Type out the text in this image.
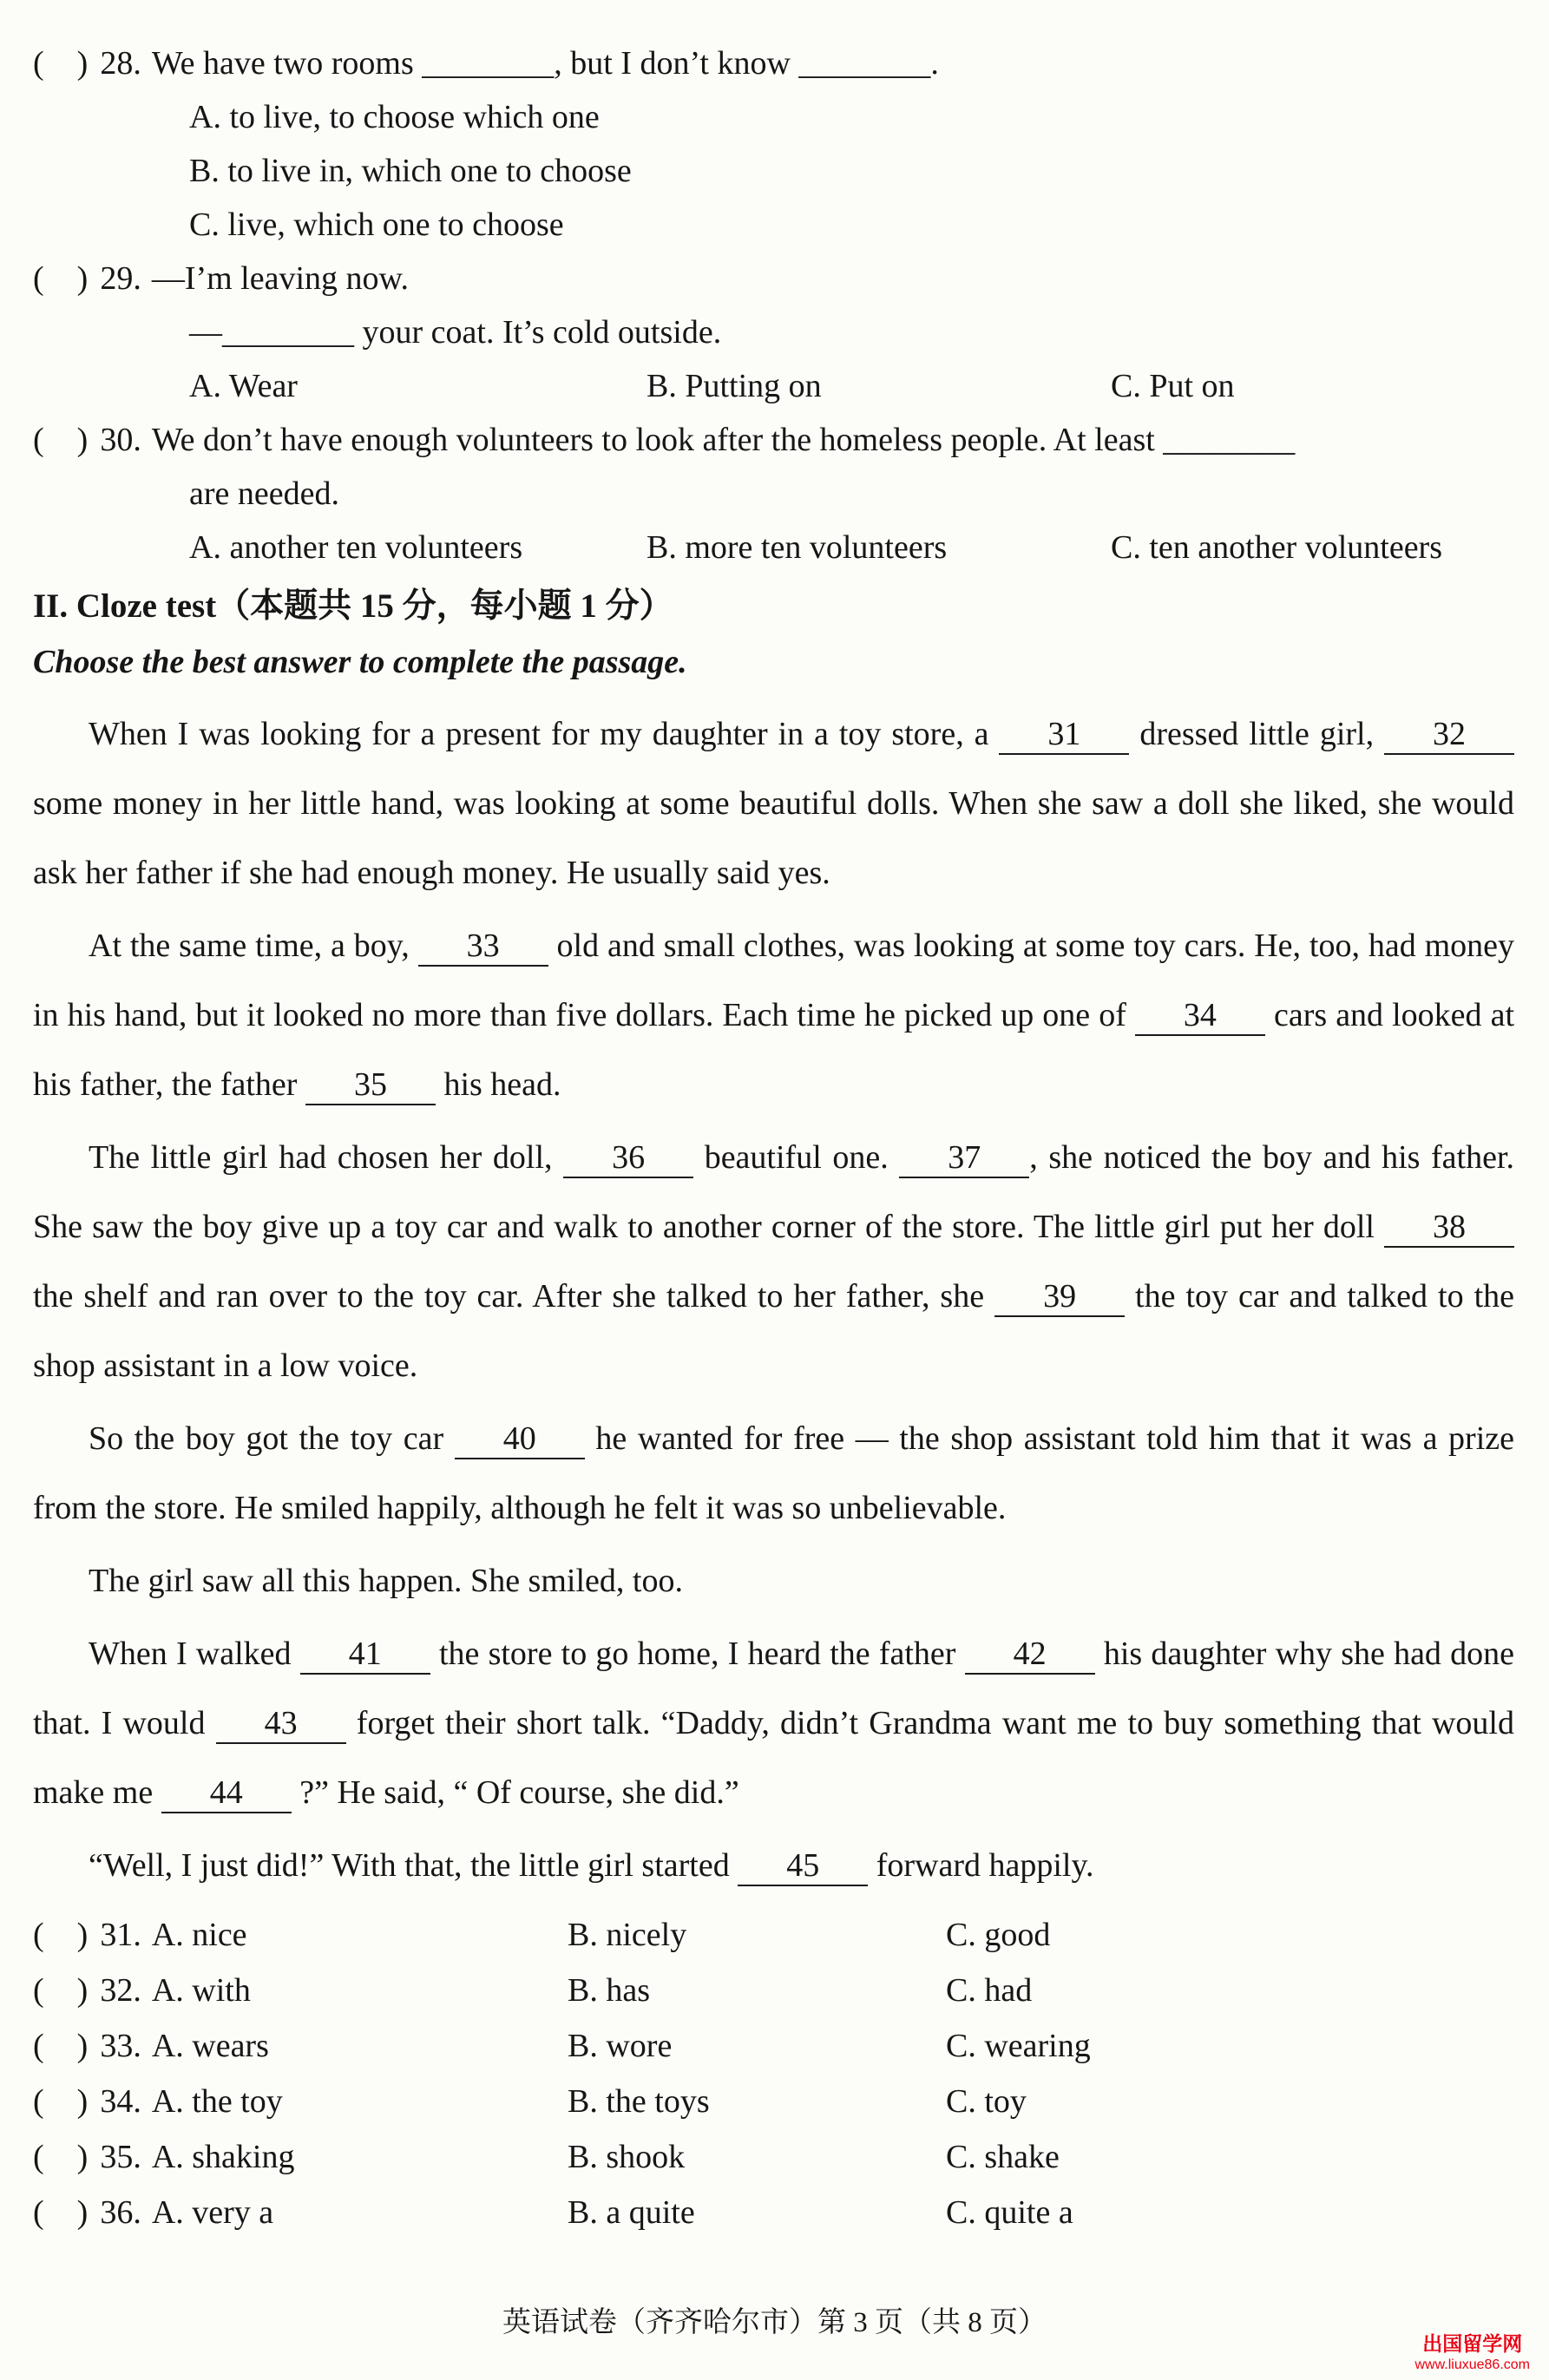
(    ) 28. We have two rooms ________, but I don’t know ________.
A. to live, to choose which one
B. to live in, which one to choose
C. live, which one to choose
(    ) 29. —I’m leaving now.
—________ your coat. It’s cold outside.
A. Wear	B. Putting on	C. Put on
(    ) 30. We don’t have enough volunteers to look after the homeless people. At least ________
are needed.
A. another ten volunteers	B. more ten volunteers	C. ten another volunteers
II. Cloze test（本题共 15 分，每小题 1 分）
Choose the best answer to complete the passage.

When I was looking for a present for my daughter in a toy store, a 31 dressed little girl, 32 some money in her little hand, was looking at some beautiful dolls. When she saw a doll she liked, she would ask her father if she had enough money. He usually said yes.

At the same time, a boy, 33 old and small clothes, was looking at some toy cars. He, too, had money in his hand, but it looked no more than five dollars. Each time he picked up one of 34 cars and looked at his father, the father 35 his head.

The little girl had chosen her doll, 36 beautiful one. 37 , she noticed the boy and his father. She saw the boy give up a toy car and walk to another corner of the store. The little girl put her doll 38 the shelf and ran over to the toy car. After she talked to her father, she 39 the toy car and talked to the shop assistant in a low voice.

So the boy got the toy car 40 he wanted for free — the shop assistant told him that it was a prize from the store. He smiled happily, although he felt it was so unbelievable.

The girl saw all this happen. She smiled, too.

When I walked 41 the store to go home, I heard the father 42 his daughter why she had done that. I would 43 forget their short talk. “Daddy, didn’t Grandma want me to buy something that would make me 44 ?” He said, “ Of course, she did.”

“Well, I just did!” With that, the little girl started 45 forward happily.

(    ) 31. A. nice	B. nicely	C. good
(    ) 32. A. with	B. has	C. had
(    ) 33. A. wears	B. wore	C. wearing
(    ) 34. A. the toy	B. the toys	C. toy
(    ) 35. A. shaking	B. shook	C. shake
(    ) 36. A. very a	B. a quite	C. quite a
英语试卷（齐齐哈尔市）第 3 页（共 8 页）
出国留学网
www.liuxue86.com
